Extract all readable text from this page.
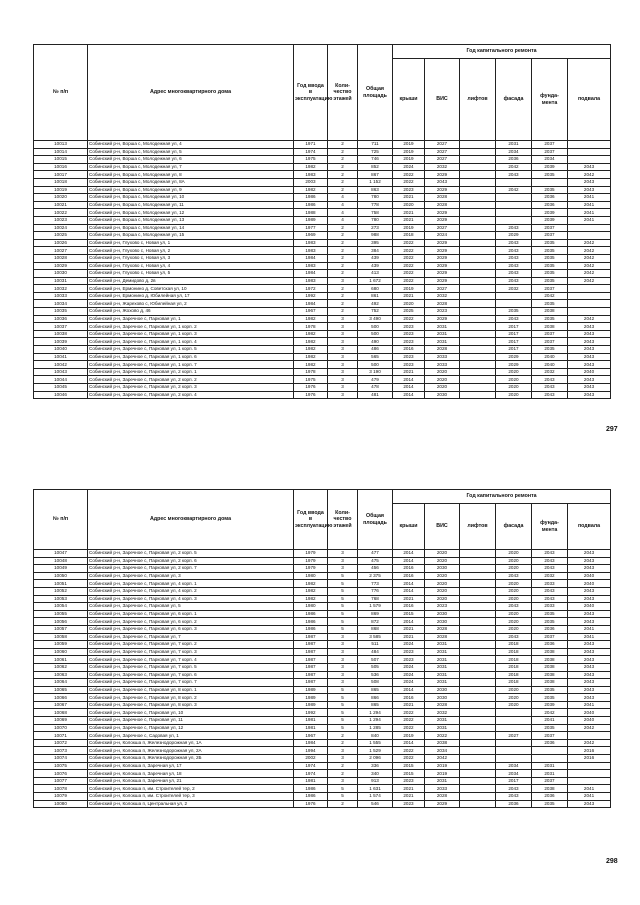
№ п/п	Адрес многоквартирного дома	Год ввода в эксплуатацию	Коли-чество этажей	Общая площадь	Год капитального ремонта					
					крыши	ВИС	лифтов	фасада	фунда-мента	подвала
10013	Собинский р-н, Ворша с, Молодежная ул, 4	1971	2	711	2019	2027		2031	2037	
10014	Собинский р-н, Ворша с, Молодежная ул, 5	1974	2	725	2019	2027		2034	2037	
10015	Собинский р-н, Ворша с, Молодежная ул, 6	1975	2	746	2019	2027		2036	2034	
10016	Собинский р-н, Ворша с, Молодежная ул, 7	1982	2	852	2024	2032		2042	2039	2043
10017	Собинский р-н, Ворша с, Молодежная ул, 8	1983	2	867	2022	2029		2043	2035	2042
10018	Собинский р-н, Ворша с, Молодежная ул, 8А	2003	2	1 152	2022	2043				2043
10019	Собинский р-н, Ворша с, Молодежная ул, 9	1982	2	863	2023	2029		2042	2035	2043
10020	Собинский р-н, Ворша с, Молодежная ул, 10	1986	4	780	2021	2028			2036	2041
10021	Собинский р-н, Ворша с, Молодежная ул, 11	1986	4	778	2020	2028			2036	2041
10022	Собинский р-н, Ворша с, Молодежная ул, 12	1988	4	758	2021	2029			2039	2041
10023	Собинский р-н, Ворша с, Молодежная ул, 13	1989	4	780	2021	2029			2039	2041
10024	Собинский р-н, Ворша с, Молодежная ул, 14	1977	2	273	2019	2027		2043	2037	
10025	Собинский р-н, Ворша с, Молодежная ул, 15	1969	2	988	2018	2024		2029	2037	
10026	Собинский р-н, Глухово с, Новая ул, 1	1983	2	395	2022	2029		2043	2035	2042
10027	Собинский р-н, Глухово с, Новая ул, 2	1983	2	384	2022	2029		2043	2035	2042
10028	Собинский р-н, Глухово с, Новая ул, 3	1984	2	439	2022	2029		2043	2035	2042
10029	Собинский р-н, Глухово с, Новая ул, 4	1983	2	439	2022	2029		2043	2035	2042
10030	Собинский р-н, Глухово с, Новая ул, 5	1984	2	413	2022	2029		2043	2035	2042
10031	Собинский р-н, Демидово д, 2в	1983	3	1 672	2022	2029		2043	2035	2042
10032	Собинский р-н, Ермонино д, Советская ул, 10	1972	2	680	2019	2027		2032	2037	
10033	Собинский р-н, Ермонино д, Юбилейная ул, 17	1992	2	861	2021	2032			2042	
10034	Собинский р-н, Жарехово с, Юбилейная ул, 2	1984	2	492	2020	2028			2035	
10035	Собинский р-н, Жохово д, 46	1967	2	752	2025	2023		2035	2038	
10036	Собинский р-н, Заречное с, Парковая ул, 1	1982	3	3 490	2022	2029		2043	2035	2042
10037	Собинский р-н, Заречное с, Парковая ул, 1 корп. 2	1978	3	500	2023	2031		2017	2038	2043
10038	Собинский р-н, Заречное с, Парковая ул, 1 корп. 3	1982	3	500	2023	2031		2017	2037	2043
10039	Собинский р-н, Заречное с, Парковая ул, 1 корп. 4	1982	3	490	2023	2031		2017	2037	2043
10040	Собинский р-н, Заречное с, Парковая ул, 1 корп. 5	1982	3	486	2016	2028		2017	2035	2043
10041	Собинский р-н, Заречное с, Парковая ул, 1 корп. 6	1982	3	565	2023	2033		2029	2040	2043
10042	Собинский р-н, Заречное с, Парковая ул, 1 корп. 7	1982	3	500	2023	2033		2029	2040	2043
10043	Собинский р-н, Заречное с, Парковая ул, 2 корп. 1	1978	3	3 190	2021	2020		2020	2032	2040
10044	Собинский р-н, Заречное с, Парковая ул, 2 корп. 2	1975	3	479	2014	2020		2020	2043	2043
10045	Собинский р-н, Заречное с, Парковая ул, 2 корп. 3	1976	3	478	2014	2020		2020	2043	2043
10046	Собинский р-н, Заречное с, Парковая ул, 2 корп. 4	1976	3	481	2014	2030		2020	2043	2043
297
№ п/п	Адрес многоквартирного дома	Год ввода в эксплуатацию	Коли-чество этажей	Общая площадь	Год капитального ремонта					
					крыши	ВИС	лифтов	фасада	фунда-мента	подвала
10047	Собинский р-н, Заречное с, Парковая ул, 2 корп. 5	1979	3	477	2014	2020		2020	2043	2043
10048	Собинский р-н, Заречное с, Парковая ул, 2 корп. 6	1979	3	475	2014	2020		2020	2043	2043
10049	Собинский р-н, Заречное с, Парковая ул, 2 корп. 7	1979	3	456	2016	2030		2020	2043	2043
10050	Собинский р-н, Заречное с, Парковая ул, 3	1980	5	2 375	2016	2020		2043	2032	2040
10051	Собинский р-н, Заречное с, Парковая ул, 4 корп. 1	1982	5	773	2014	2020		2020	2033	2040
10052	Собинский р-н, Заречное с, Парковая ул, 4 корп. 2	1982	5	776	2014	2020		2020	2043	2043
10053	Собинский р-н, Заречное с, Парковая ул, 4 корп. 3	1982	5	768	2021	2020		2020	2043	2043
10054	Собинский р-н, Заречное с, Парковая ул, 5	1980	5	1 579	2016	2023		2043	2033	2040
10055	Собинский р-н, Заречное с, Парковая ул, 6 корп. 1	1986	5	869	2015	2030		2020	2035	2043
10056	Собинский р-н, Заречное с, Парковая ул, 6 корп. 2	1986	5	872	2014	2030		2020	2035	2043
10057	Собинский р-н, Заречное с, Парковая ул, 6 корп. 3	1986	5	868	2021	2028		2020	2036	2041
10058	Собинский р-н, Заречное с, Парковая ул, 7	1987	3	3 585	2021	2028		2043	2037	2041
10059	Собинский р-н, Заречное с, Парковая ул, 7 корп. 2	1987	3	511	2024	2031		2018	2036	2043
10060	Собинский р-н, Заречное с, Парковая ул, 7 корп. 3	1987	3	484	2023	2031		2018	2038	2043
10061	Собинский р-н, Заречное с, Парковая ул, 7 корп. 4	1987	3	507	2023	2031		2018	2038	2043
10062	Собинский р-н, Заречное с, Парковая ул, 7 корп. 5	1987	3	505	2024	2031		2018	2038	2043
10063	Собинский р-н, Заречное с, Парковая ул, 7 корп. 6	1987	3	536	2024	2031		2018	2038	2043
10064	Собинский р-н, Заречное с, Парковая ул, 7 корп. 7	1987	3	508	2024	2031		2018	2038	2043
10065	Собинский р-н, Заречное с, Парковая ул, 8 корп. 1	1989	5	865	2014	2030		2020	2035	2043
10066	Собинский р-н, Заречное с, Парковая ул, 8 корп. 2	1989	5	866	2016	2030		2020	2035	2043
10067	Собинский р-н, Заречное с, Парковая ул, 8 корп. 3	1989	5	865	2021	2028		2020	2039	2041
10068	Собинский р-н, Заречное с, Парковая ул, 10	1992	5	1 294	2022	2032			2042	2040
10069	Собинский р-н, Заречное с, Парковая ул, 11	1981	5	1 294	2022	2031			2041	2040
10070	Собинский р-н, Заречное с, Парковая ул, 12	1981	5	1 285	2022	2031			2035	2042
10071	Собинский р-н, Заречное с, Садовая ул, 1	1967	2	840	2019	2022		2027	2037	
10072	Собинский р-н, Колокша п, Железнодорожная ул, 1А	1984	2	1 555	2014	2038			2036	2042
10073	Собинский р-н, Колокша п, Железнодорожная ул, 2А	1994	3	1 529	2022	2034				2016
10074	Собинский р-н, Колокша п, Железнодорожная ул, 2Б	2002	3	2 096	2022	2042				2016
10075	Собинский р-н, Колокша п, Заречная ул, 17	1974	2	336	2015	2019		2034	2031	
10076	Собинский р-н, Колокша п, Заречная ул, 18	1974	2	340	2015	2019		2034	2031	
10077	Собинский р-н, Колокша п, Заречная ул, 21	1981	3	913	2023	2031		2017	2037	
10078	Собинский р-н, Колокша п, им. Строителей тер, 2	1986	5	1 631	2021	2033		2043	2038	2041
10079	Собинский р-н, Колокша п, им. Строителей тер, 3	1986	5	1 574	2021	2028		2043	2036	2041
10080	Собинский р-н, Колокша п, Центральная ул, 2	1976	2	546	2023	2029		2036	2035	2043
298
